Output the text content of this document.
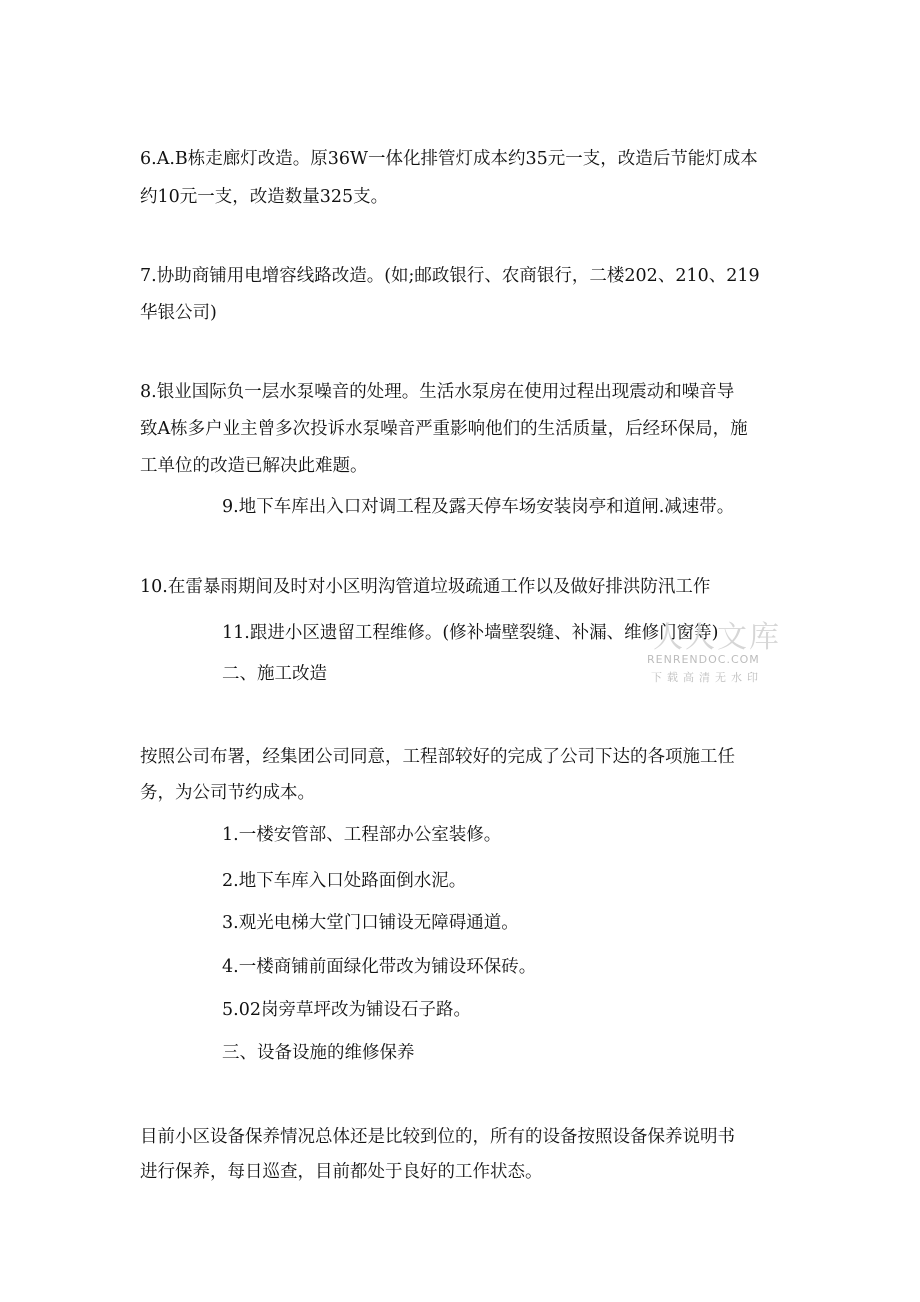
6.A.B栋走廊灯改造。原36W一体化排管灯成本约35元一支，改造后节能灯成本

约10元一支，改造数量325支。

7.协助商铺用电增容线路改造。(如;邮政银行、农商银行，二楼202、210、219

华银公司)

8.银业国际负一层水泵噪音的处理。生活水泵房在使用过程出现震动和噪音导

致A栋多户业主曾多次投诉水泵噪音严重影响他们的生活质量，后经环保局，施

工单位的改造已解决此难题。

9.地下车库出入口对调工程及露天停车场安装岗亭和道闸.减速带。

10.在雷暴雨期间及时对小区明沟管道垃圾疏通工作以及做好排洪防汛工作

11.跟进小区遗留工程维修。(修补墙壁裂缝、补漏、维修门窗等)

二、施工改造

按照公司布署，经集团公司同意，工程部较好的完成了公司下达的各项施工任

务，为公司节约成本。

1.一楼安管部、工程部办公室装修。

2.地下车库入口处路面倒水泥。

3.观光电梯大堂门口铺设无障碍通道。

4.一楼商铺前面绿化带改为铺设环保砖。

5.02岗旁草坪改为铺设石子路。

三、设备设施的维修保养

目前小区设备保养情况总体还是比较到位的，所有的设备按照设备保养说明书

进行保养，每日巡查，目前都处于良好的工作状态。

人人文库
RENRENDOC.COM
下载高清无水印
